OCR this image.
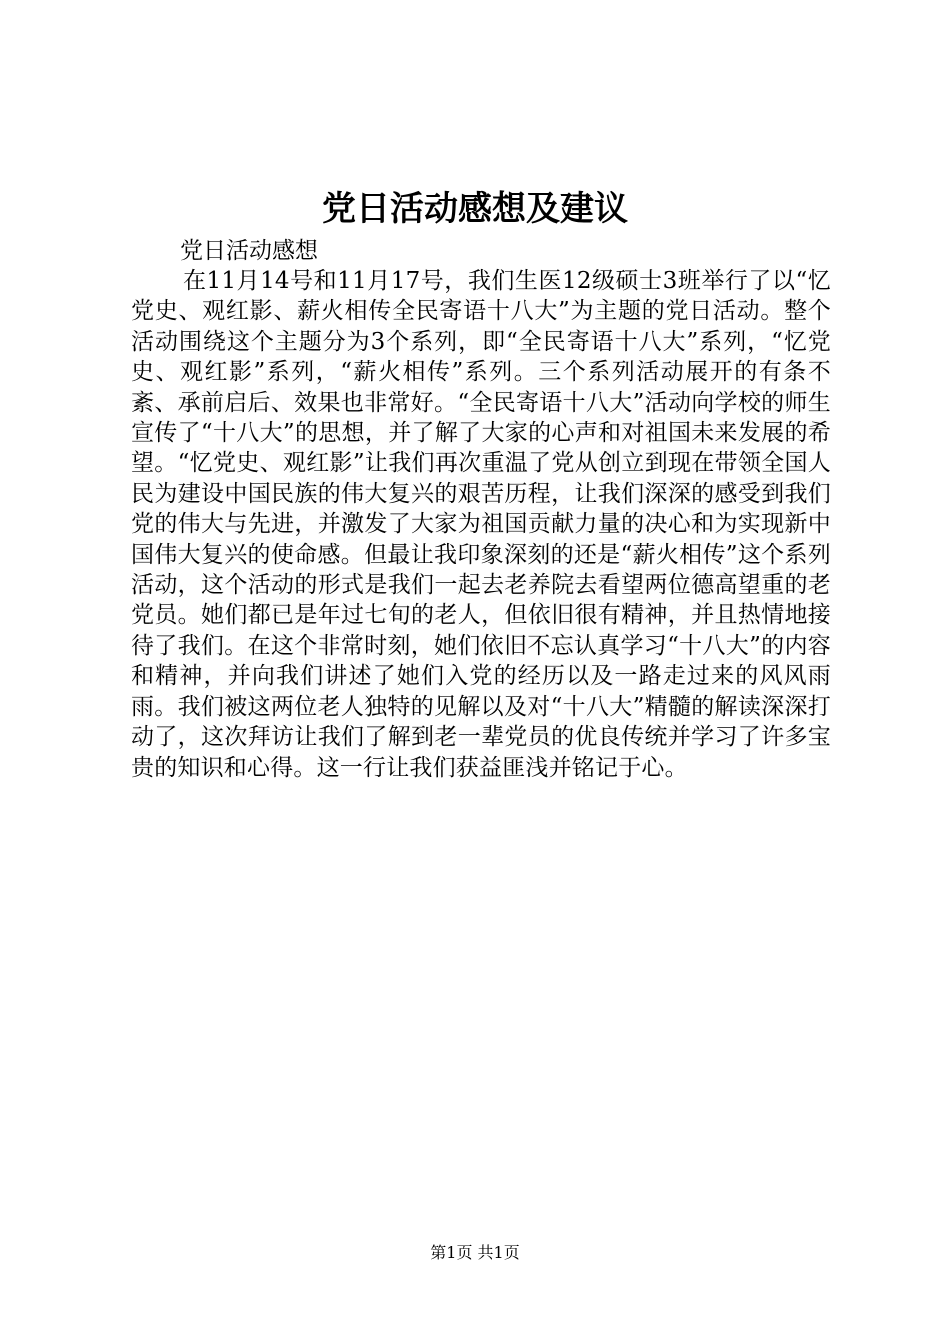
党日活动感想及建议

党日活动感想

在11月14号和11月17号，我们生医12级硕士3班举行了以“忆党史、观红影、薪火相传全民寄语十八大”为主题的党日活动。整个活动围绕这个主题分为3个系列，即“全民寄语十八大”系列，“忆党史、观红影”系列，“薪火相传”系列。三个系列活动展开的有条不紊、承前启后、效果也非常好。“全民寄语十八大”活动向学校的师生宣传了“十八大”的思想，并了解了大家的心声和对祖国未来发展的希望。“忆党史、观红影”让我们再次重温了党从创立到现在带领全国人民为建设中国民族的伟大复兴的艰苦历程，让我们深深的感受到我们党的伟大与先进，并激发了大家为祖国贡献力量的决心和为实现新中国伟大复兴的使命感。但最让我印象深刻的还是“薪火相传”这个系列活动，这个活动的形式是我们一起去老养院去看望两位德高望重的老党员。她们都已是年过七旬的老人，但依旧很有精神，并且热情地接待了我们。在这个非常时刻，她们依旧不忘认真学习“十八大”的内容和精神，并向我们讲述了她们入党的经历以及一路走过来的风风雨雨。我们被这两位老人独特的见解以及对“十八大”精髓的解读深深打动了，这次拜访让我们了解到老一辈党员的优良传统并学习了许多宝贵的知识和心得。这一行让我们获益匪浅并铭记于心。

第1页 共1页
